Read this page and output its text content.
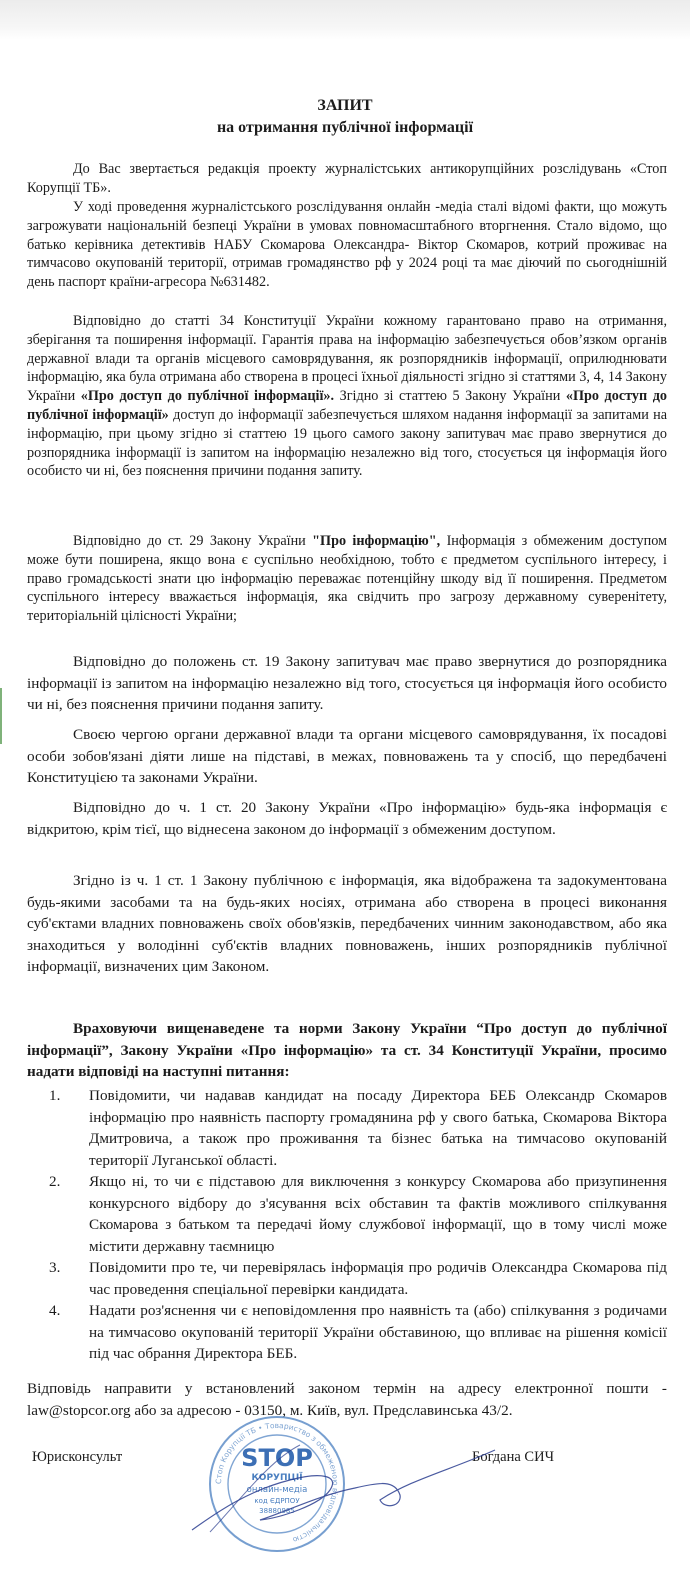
ЗАПИТ
на отримання публічної інформації
До Вас звертається редакція проекту журналістських антикорупційних розслідувань «Стоп Корупції ТБ».
У ході проведення журналістського розслідування онлайн -медіа сталі відомі факти, що можуть загрожувати національній безпеці України в умовах повномасштабного вторгнення. Стало відомо, що батько керівника детективів НАБУ Скомарова Олександра- Віктор Скомаров, котрий проживає на тимчасово окупованій території, отримав громадянство рф у 2024 році та має діючий по сьогоднішній день паспорт країни-агресора №631482.
Відповідно до статті 34 Конституції України кожному гарантовано право на отримання, зберігання та поширення інформації. Гарантія права на інформацію забезпечується обов’язком органів державної влади та органів місцевого самоврядування, як розпорядників інформації, оприлюднювати інформацію, яка була отримана або створена в процесі їхньої діяльності згідно зі статтями 3, 4, 14 Закону України «Про доступ до публічної інформації». Згідно зі статтею 5 Закону України «Про доступ до публічної інформації» доступ до інформації забезпечується шляхом надання інформації за запитами на інформацію, при цьому згідно зі статтею 19 цього самого закону запитувач має право звернутися до розпорядника інформації із запитом на інформацію незалежно від того, стосується ця інформація його особисто чи ні, без пояснення причини подання запиту.
Відповідно до ст. 29 Закону України "Про інформацію", Інформація з обмеженим доступом може бути поширена, якщо вона є суспільно необхідною, тобто є предметом суспільного інтересу, і право громадськості знати цю інформацію переважає потенційну шкоду від її поширення. Предметом суспільного інтересу вважається інформація, яка свідчить про загрозу державному суверенітету, територіальній цілісності України;
Відповідно до положень ст. 19 Закону запитувач має право звернутися до розпорядника інформації із запитом на інформацію незалежно від того, стосується ця інформація його особисто чи ні, без пояснення причини подання запиту.
Своєю чергою органи державної влади та органи місцевого самоврядування, їх посадові особи зобов'язані діяти лише на підставі, в межах, повноважень та у спосіб, що передбачені Конституцією та законами України.
Відповідно до ч. 1 ст. 20 Закону України «Про інформацію» будь-яка інформація є відкритою, крім тієї, що віднесена законом до інформації з обмеженим доступом.
Згідно із ч. 1 ст. 1 Закону публічною є інформація, яка відображена та задокументована будь-якими засобами та на будь-яких носіях, отримана або створена в процесі виконання суб'єктами владних повноважень своїх обов'язків, передбачених чинним законодавством, або яка знаходиться у володінні суб'єктів владних повноважень, інших розпорядників публічної інформації, визначених цим Законом.
Враховуючи вищенаведене та норми Закону України “Про доступ до публічної інформації”, Закону України «Про інформацію» та ст. 34 Конституції України, просимо надати відповіді на наступні питання:
1. Повідомити, чи надавав кандидат на посаду Директора БЕБ Олександр Скомаров інформацію про наявність паспорту громадянина рф у свого батька, Скомарова Віктора Дмитровича, а також про проживання та бізнес батька на тимчасово окупованій території Луганської області.
2. Якщо ні, то чи є підставою для виключення з конкурсу Скомарова або призупинення конкурсного відбору до з'ясування всіх обставин та фактів можливого спілкування Скомарова з батьком та передачі йому службової інформації, що в тому числі може містити державну таємницю
3. Повідомити про те, чи перевірялась інформація про родичів Олександра Скомарова під час проведення спеціальної перевірки кандидата.
4. Надати роз'яснення чи є неповідомлення про наявність та (або) спілкування з родичами на тимчасово окупованій території України обставиною, що впливає на рішення комісії під час обрання Директора БЕБ.
Відповідь направити у встановлений законом термін на адресу електронної пошти - law@stopcor.org або за адресою - 03150, м. Київ, вул. Предславинська 43/2.
Юрисконсульт	Богдана СИЧ
Стоп Корупції ТБ • Товариство з обмеженою відповідальністю
STOP
КОРУПЦІЇ
онлайн-медіа
код ЄДРПОУ
38880985
